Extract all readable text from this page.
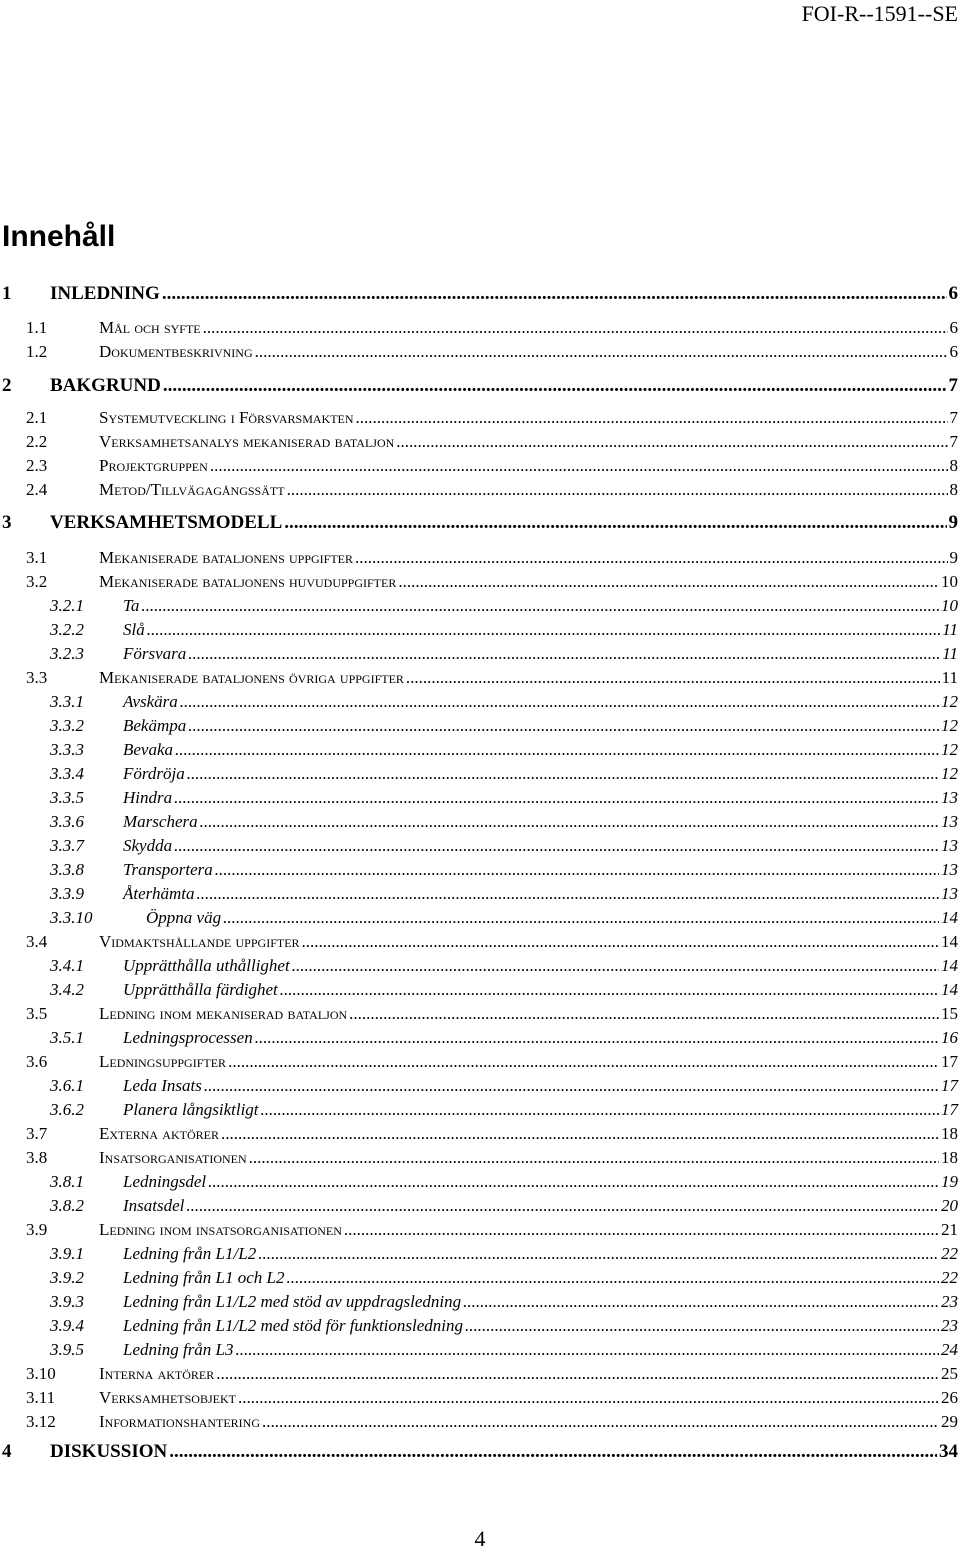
FOI-R--1591--SE
Innehåll
1 INLEDNING .....	6
1.1	Mål och syfte .....	6
1.2	Dokumentbeskrivning .....	6
2 BAKGRUND .....	7
2.1	Systemutveckling i Försvarsmakten .....	7
2.2	Verksamhetsanalys mekaniserad bataljon .....	7
2.3	Projektgruppen .....	8
2.4	Metod/Tillvägagångssätt .....	8
3 VERKSAMHETSMODELL .....	9
3.1	Mekaniserade bataljonens uppgifter .....	9
3.2	Mekaniserade bataljonens huvuduppgifter .....	10
3.2.1 Ta .....	10
3.2.2 Slå .....	11
3.2.3 Försvara .....	11
3.3	Mekaniserade bataljonens övriga uppgifter .....	11
3.3.1 Avskära .....	12
3.3.2 Bekämpa .....	12
3.3.3 Bevaka .....	12
3.3.4 Fördröja .....	12
3.3.5 Hindra .....	13
3.3.6 Marschera .....	13
3.3.7 Skydda .....	13
3.3.8 Transportera .....	13
3.3.9 Återhämta .....	13
3.3.10	Öppna väg .....	14
3.4	Vidmaktshållande uppgifter .....	14
3.4.1 Upprätthålla uthållighet .....	14
3.4.2 Upprätthålla färdighet .....	14
3.5	Ledning inom mekaniserad bataljon .....	15
3.5.1 Ledningsprocessen .....	16
3.6	Ledningsuppgifter .....	17
3.6.1 Leda Insats .....	17
3.6.2 Planera långsiktligt .....	17
3.7	Externa aktörer .....	18
3.8	Insatsorganisationen .....	18
3.8.1 Ledningsdel .....	19
3.8.2 Insatsdel .....	20
3.9	Ledning inom insatsorganisationen .....	21
3.9.1 Ledning från L1/L2 .....	22
3.9.2 Ledning från L1 och L2 .....	22
3.9.3 Ledning från L1/L2 med stöd av uppdragsledning .....	23
3.9.4 Ledning från L1/L2 med stöd för funktionsledning .....	23
3.9.5 Ledning från L3 .....	24
3.10	Interna aktörer .....	25
3.11	Verksamhetsobjekt .....	26
3.12	Informationshantering .....	29
4 DISKUSSION .....	34
4
